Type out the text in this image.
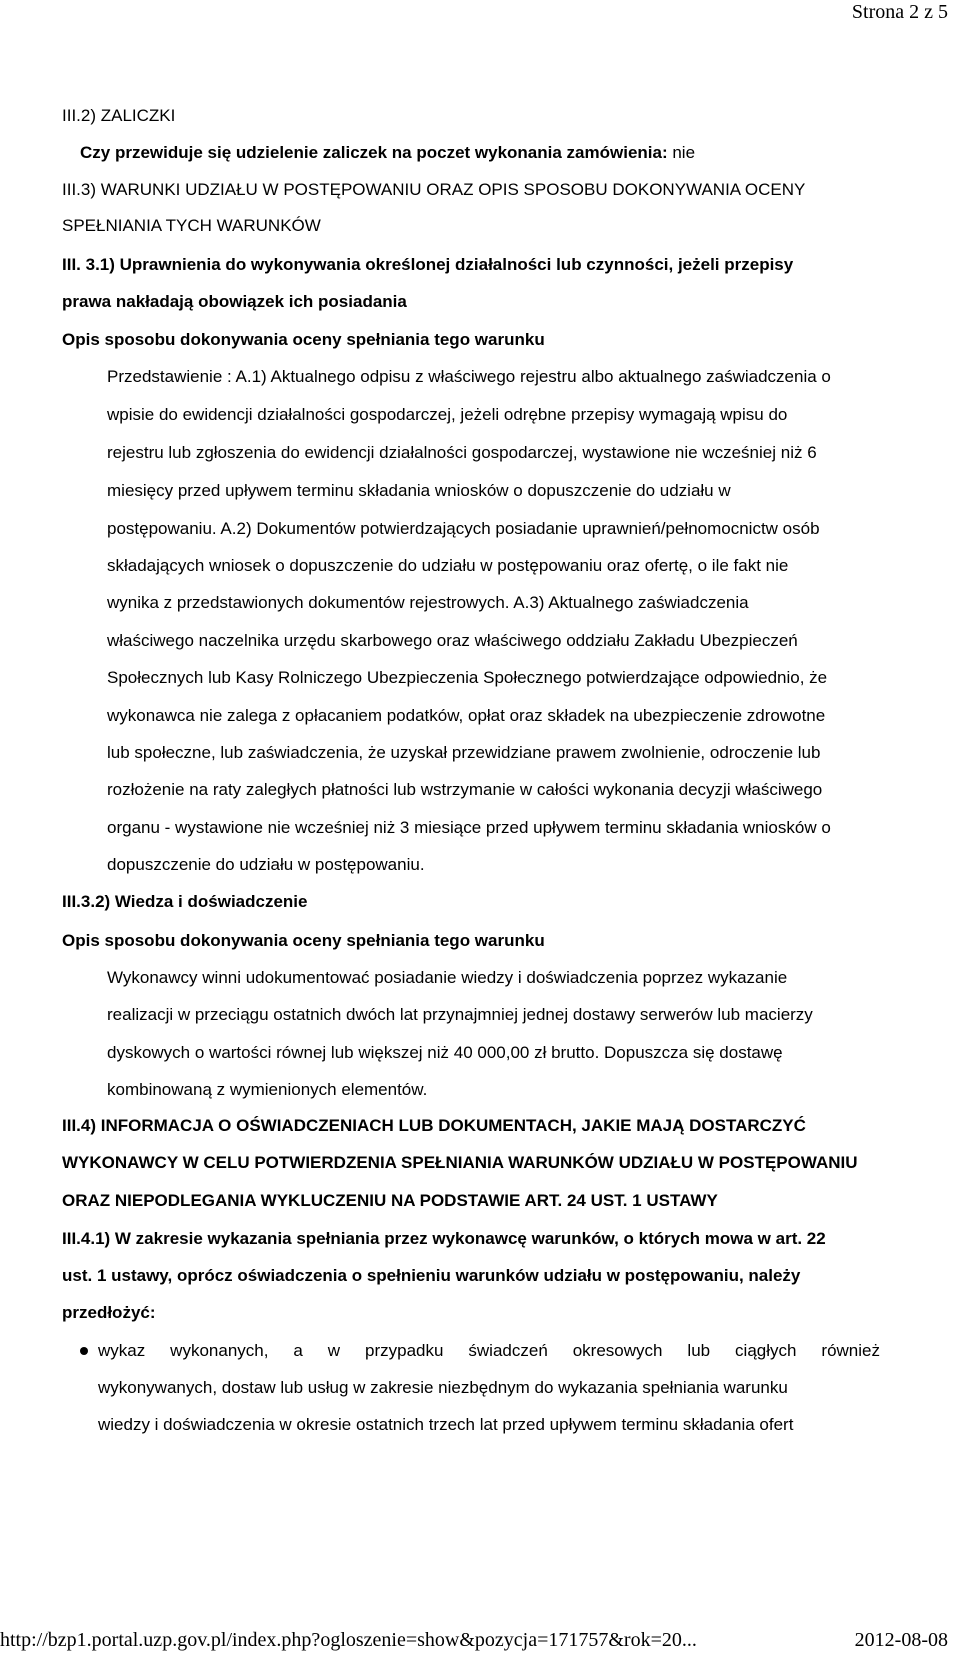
Strona 2 z 5
III.2) ZALICZKI
Czy przewiduje się udzielenie zaliczek na poczet wykonania zamówienia: nie
III.3) WARUNKI UDZIAŁU W POSTĘPOWANIU ORAZ OPIS SPOSOBU DOKONYWANIA OCENY
SPEŁNIANIA TYCH WARUNKÓW
III. 3.1) Uprawnienia do wykonywania określonej działalności lub czynności, jeżeli przepisy
prawa nakładają obowiązek ich posiadania
Opis sposobu dokonywania oceny spełniania tego warunku
Przedstawienie : A.1) Aktualnego odpisu z właściwego rejestru albo aktualnego zaświadczenia o
wpisie do ewidencji działalności gospodarczej, jeżeli odrębne przepisy wymagają wpisu do
rejestru lub zgłoszenia do ewidencji działalności gospodarczej, wystawione nie wcześniej niż 6
miesięcy przed upływem terminu składania wniosków o dopuszczenie do udziału w
postępowaniu. A.2) Dokumentów potwierdzających posiadanie uprawnień/pełnomocnictw osób
składających wniosek o dopuszczenie do udziału w postępowaniu oraz ofertę, o ile fakt nie
wynika z przedstawionych dokumentów rejestrowych. A.3) Aktualnego zaświadczenia
właściwego naczelnika urzędu skarbowego oraz właściwego oddziału Zakładu Ubezpieczeń
Społecznych lub Kasy Rolniczego Ubezpieczenia Społecznego potwierdzające odpowiednio, że
wykonawca nie zalega z opłacaniem podatków, opłat oraz składek na ubezpieczenie zdrowotne
lub społeczne, lub zaświadczenia, że uzyskał przewidziane prawem zwolnienie, odroczenie lub
rozłożenie na raty zaległych płatności lub wstrzymanie w całości wykonania decyzji właściwego
organu - wystawione nie wcześniej niż 3 miesiące przed upływem terminu składania wniosków o
dopuszczenie do udziału w postępowaniu.
III.3.2) Wiedza i doświadczenie
Opis sposobu dokonywania oceny spełniania tego warunku
Wykonawcy winni udokumentować posiadanie wiedzy i doświadczenia poprzez wykazanie
realizacji w przeciągu ostatnich dwóch lat przynajmniej jednej dostawy serwerów lub macierzy
dyskowych o wartości równej lub większej niż 40 000,00 zł brutto. Dopuszcza się dostawę
kombinowaną z wymienionych elementów.
III.4) INFORMACJA O OŚWIADCZENIACH LUB DOKUMENTACH, JAKIE MAJĄ DOSTARCZYĆ
WYKONAWCY W CELU POTWIERDZENIA SPEŁNIANIA WARUNKÓW UDZIAŁU W POSTĘPOWANIU
ORAZ NIEPODLEGANIA WYKLUCZENIU NA PODSTAWIE ART. 24 UST. 1 USTAWY
III.4.1) W zakresie wykazania spełniania przez wykonawcę warunków, o których mowa w art. 22
ust. 1 ustawy, oprócz oświadczenia o spełnieniu warunków udziału w postępowaniu, należy
przedłożyć:
wykaz wykonanych, a w przypadku świadczeń okresowych lub ciągłych również
wykonywanych, dostaw lub usług w zakresie niezbędnym do wykazania spełniania warunku
wiedzy i doświadczenia w okresie ostatnich trzech lat przed upływem terminu składania ofert
http://bzp1.portal.uzp.gov.pl/index.php?ogloszenie=show&pozycja=171757&rok=20...	2012-08-08
